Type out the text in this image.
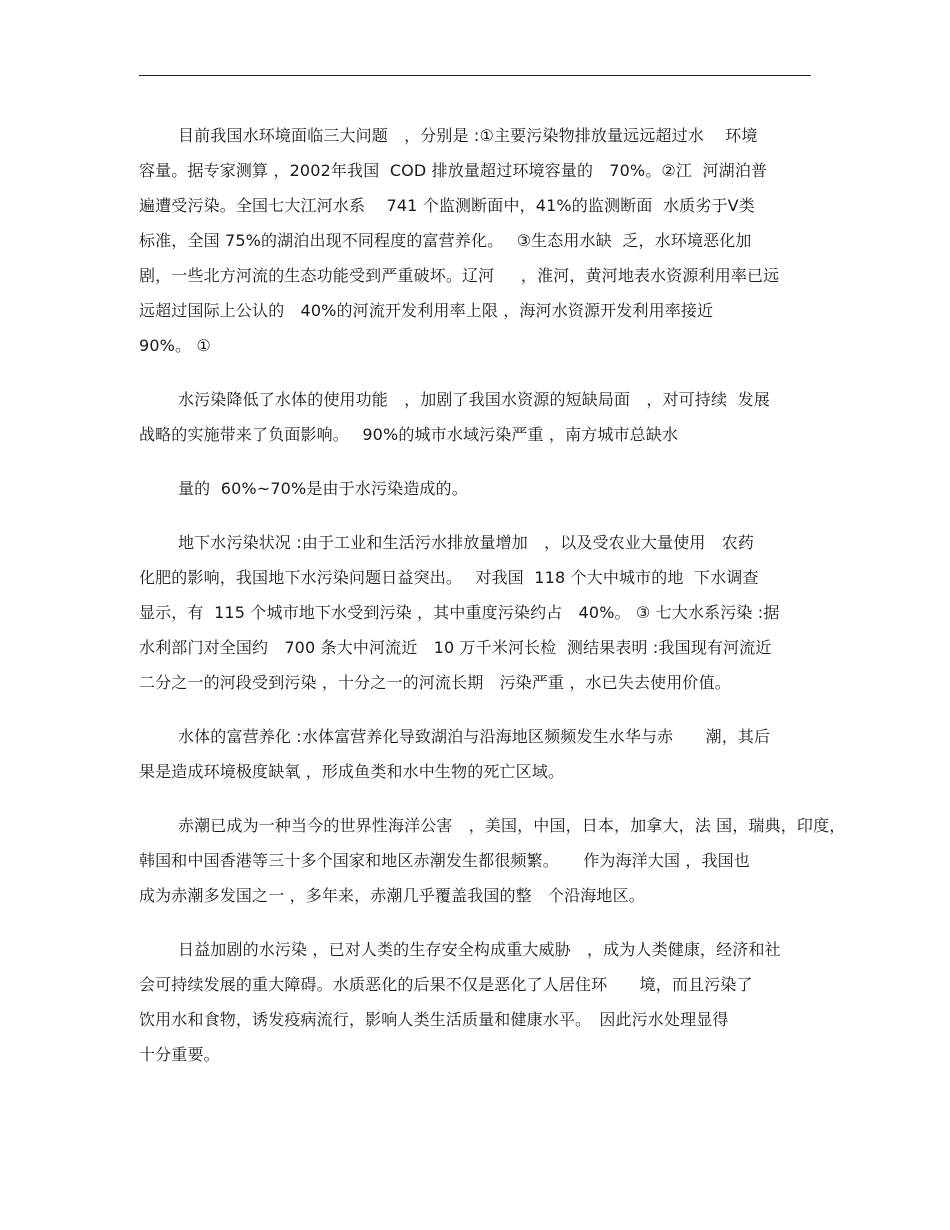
目前我国水环境面临三大问题　，分别是 :①主要污染物排放量远远超过水　 环境
容量。据专家测算 ，2002年我国  COD 排放量超过环境容量的　70%。②江  河湖泊普
遍遭受污染。全国七大江河水系　 741 个监测断面中，41%的监测断面  水质劣于Ⅴ类
标准，全国 75%的湖泊出现不同程度的富营养化。　 ③生态用水缺  乏，水环境恶化加
剧，一些北方河流的生态功能受到严重破坏。辽河　  ，淮河，黄河地表水资源利用率已远
远超过国际上公认的　40%的河流开发利用率上限 ，海河水资源开发利用率接近
90%。 ①
水污染降低了水体的使用功能　，加剧了我国水资源的短缺局面　，对可持续  发展
战略的实施带来了负面影响。　 90%的城市水域污染严重 ，南方城市总缺水
量的  60%~70%是由于水污染造成的。
地下水污染状况 :由于工业和生活污水排放量增加　，以及受农业大量使用　农药
化肥的影响，我国地下水污染问题日益突出。　 对我国  118 个大中城市的地  下水调查
显示，有  115 个城市地下水受到污染 ，其中重度污染约占　40%。 ③ 七大水系污染 :据
水利部门对全国约　700 条大中河流近　10 万千米河长检  测结果表明 :我国现有河流近
二分之一的河段受到污染 ，十分之一的河流长期　污染严重 ，水已失去使用价值。
水体的富营养化 :水体富营养化导致湖泊与沿海地区频频发生水华与赤　　潮，其后
果是造成环境极度缺氧 ，形成鱼类和水中生物的死亡区域。
赤潮已成为一种当今的世界性海洋公害　，美国，中国，日本，加拿大，法 国，瑞典，印度，
韩国和中国香港等三十多个国家和地区赤潮发生都很频繁。　　作为海洋大国 ，我国也
成为赤潮多发国之一 ，多年来，赤潮几乎覆盖我国的整　个沿海地区。
日益加剧的水污染 ，已对人类的生存安全构成重大威胁　，成为人类健康，经济和社
会可持续发展的重大障碍。水质恶化的后果不仅是恶化了人居住环　　境，而且污染了
饮用水和食物，诱发疫病流行，影响人类生活质量和健康水平。　因此污水处理显得
十分重要。
